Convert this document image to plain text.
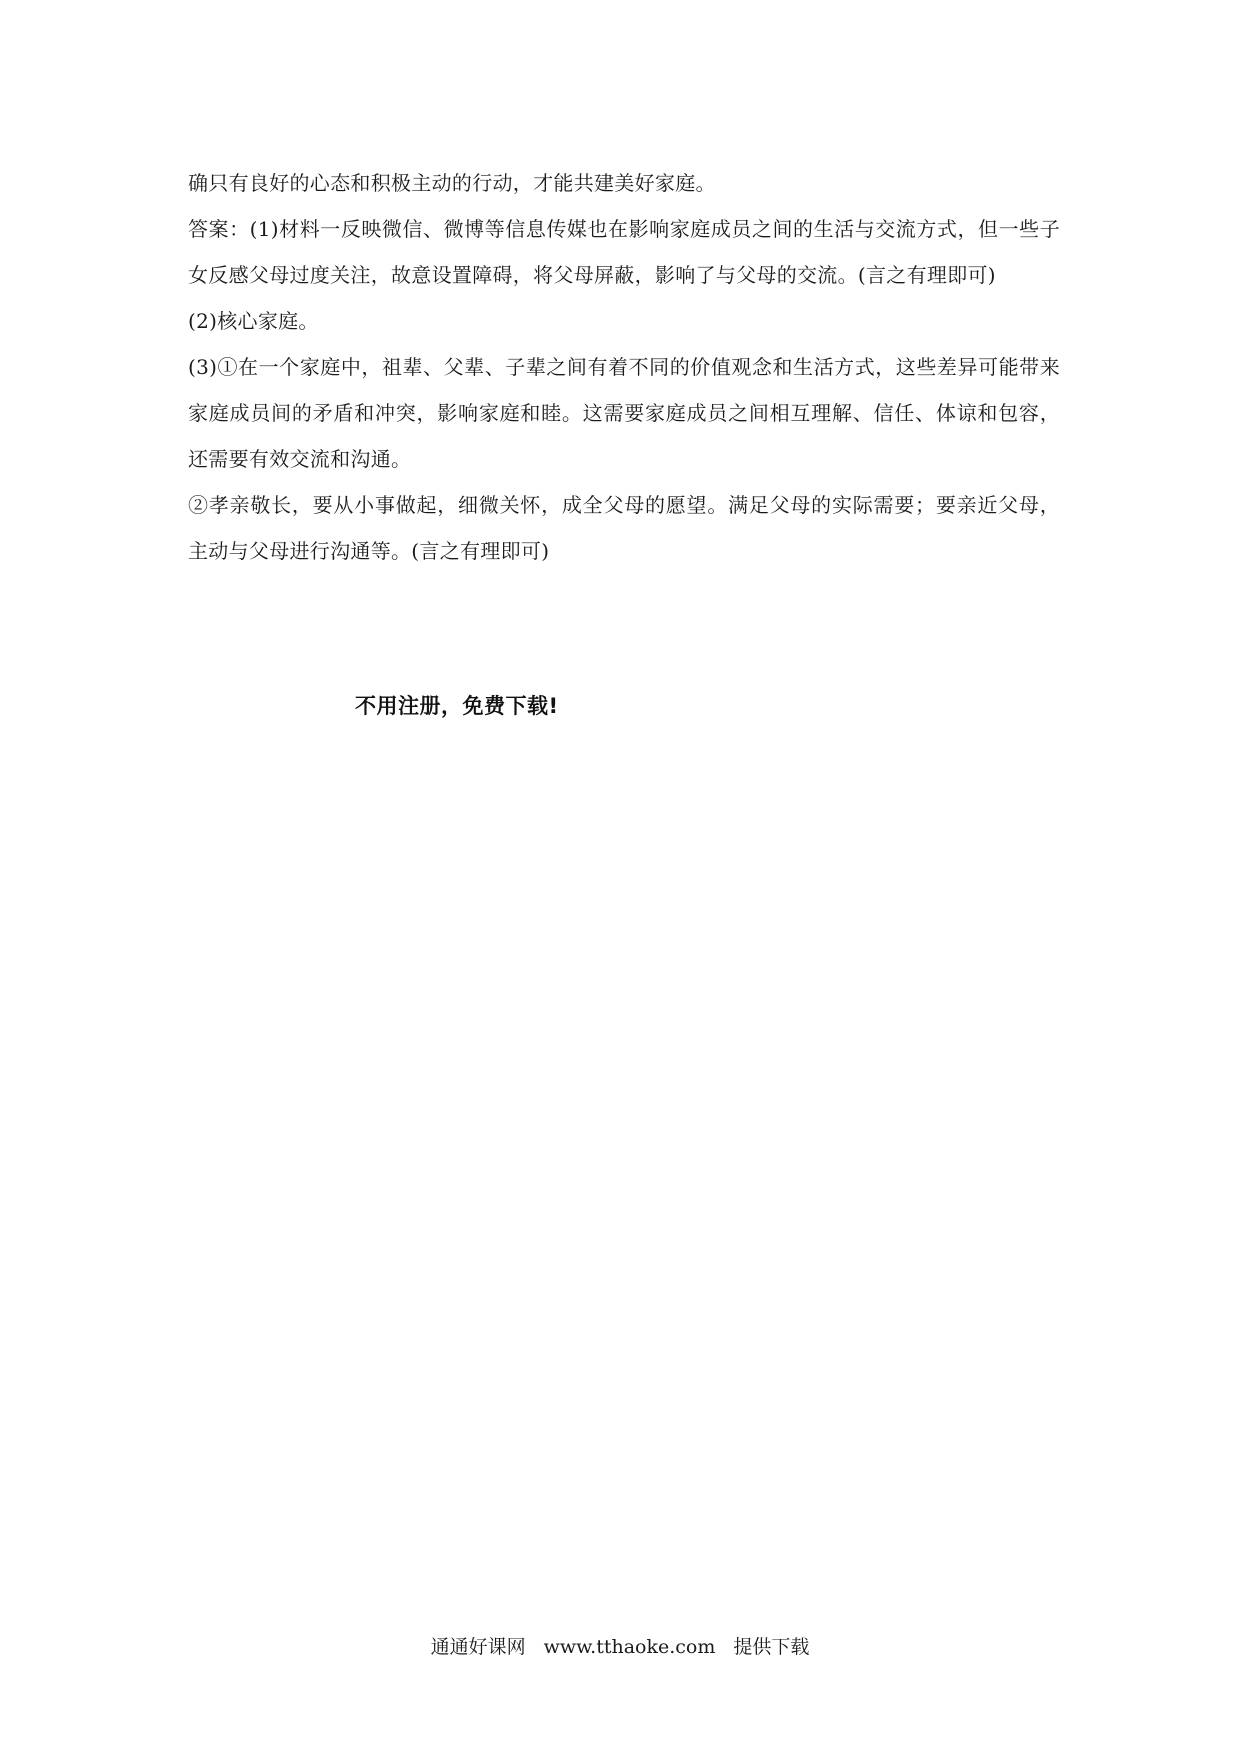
确只有良好的心态和积极主动的行动，才能共建美好家庭。

答案：(1)材料一反映微信、微博等信息传媒也在影响家庭成员之间的生活与交流方式，但一些子女反感父母过度关注，故意设置障碍，将父母屏蔽，影响了与父母的交流。(言之有理即可)

(2)核心家庭。

(3)①在一个家庭中，祖辈、父辈、子辈之间有着不同的价值观念和生活方式，这些差异可能带来家庭成员间的矛盾和冲突，影响家庭和睦。这需要家庭成员之间相互理解、信任、体谅和包容，还需要有效交流和沟通。

②孝亲敬长，要从小事做起，细微关怀，成全父母的愿望。满足父母的实际需要；要亲近父母，主动与父母进行沟通等。(言之有理即可)

不用注册，免费下载!
通通好课网 www.tthaoke.com 提供下载
